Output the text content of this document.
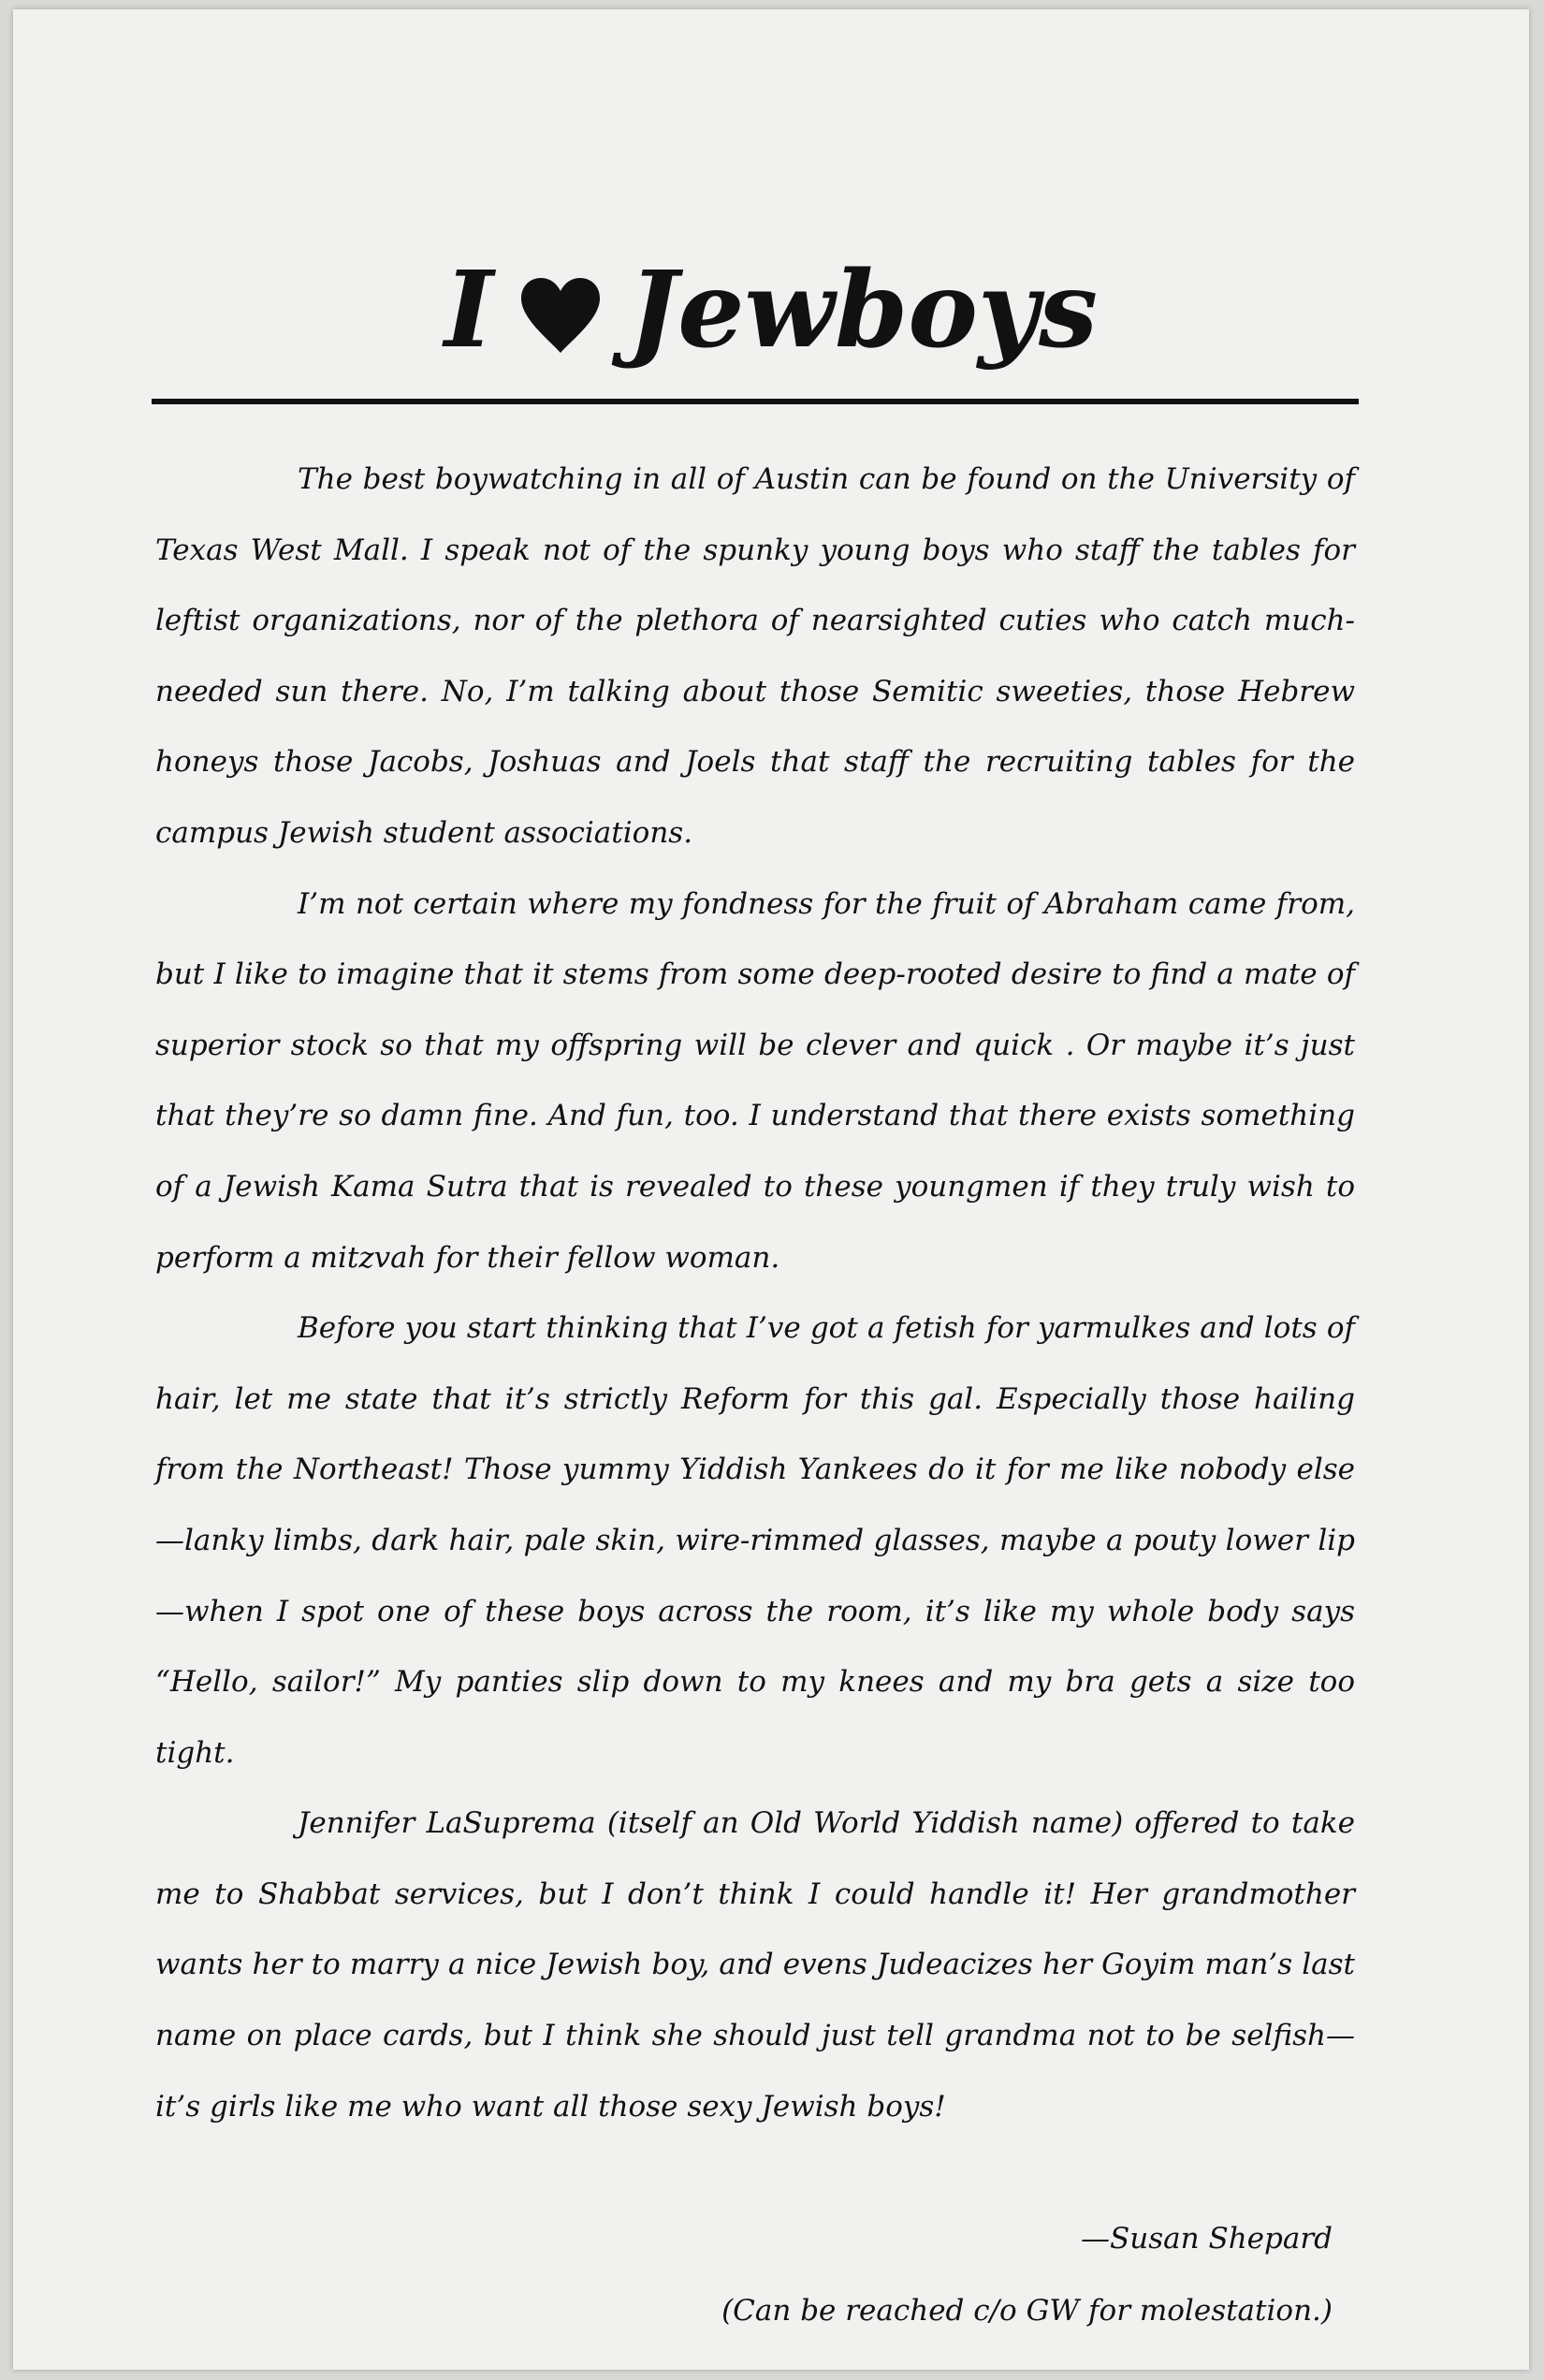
I Jewboys

The best boywatching in all of Austin can be found on the University of Texas West Mall. I speak not of the spunky young boys who staff the tables for leftist organizations, nor of the plethora of nearsighted cuties who catch much-needed sun there. No, I’m talking about those Semitic sweeties, those Hebrew honeys those Jacobs, Joshuas and Joels that staff the recruiting tables for the campus Jewish student associations.

I’m not certain where my fondness for the fruit of Abraham came from, but I like to imagine that it stems from some deep-rooted desire to find a mate of superior stock so that my offspring will be clever and quick . Or maybe it’s just that they’re so damn fine. And fun, too. I understand that there exists something of a Jewish Kama Sutra that is revealed to these youngmen if they truly wish to perform a mitzvah for their fellow woman.

Before you start thinking that I’ve got a fetish for yarmulkes and lots of hair, let me state that it’s strictly Reform for this gal. Especially those hailing from the Northeast! Those yummy Yiddish Yankees do it for me like nobody else—lanky limbs, dark hair, pale skin, wire-rimmed glasses, maybe a pouty lower lip—when I spot one of these boys across the room, it’s like my whole body says “Hello, sailor!” My panties slip down to my knees and my bra gets a size too tight.

Jennifer LaSuprema (itself an Old World Yiddish name) offered to take me to Shabbat services, but I don’t think I could handle it! Her grandmother wants her to marry a nice Jewish boy, and evens Judeacizes her Goyim man’s last name on place cards, but I think she should just tell grandma not to be selfish—it’s girls like me who want all those sexy Jewish boys!

—Susan Shepard
(Can be reached c/o GW for molestation.)
